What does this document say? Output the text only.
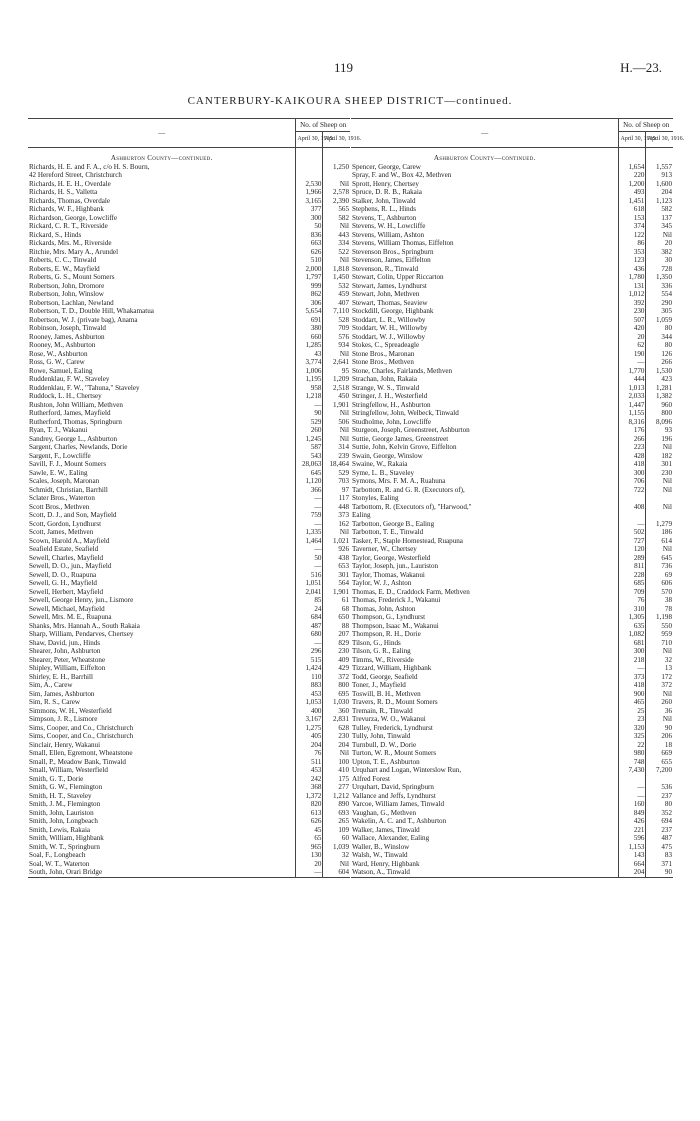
119	H.—23.
CANTERBURY-KAIKOURA SHEEP DISTRICT—continued.
—	No. of Sheep on	
	April 30, 1915.	April 30, 1916.
Ashburton County—continued.		
Richards, H. E. and F. A., c/o H. S. Bourn,		1,250
42 Hereford Street, Christchurch		
Richards, H. E. H., Overdale	2,530	Nil
Richards, H. S., Valletta	1,966	2,578
Richards, Thomas, Overdale	3,165	2,390
Richards, W. F., Highbank	377	565
Richardson, George, Lowcliffe	300	582
Rickard, C. R. T., Riverside	50	Nil
Rickard, S., Hinds	836	443
Rickards, Mrs. M., Riverside	663	334
Ritchie, Mrs. Mary A., Arundel	626	522
Roberts, C. C., Tinwald	510	Nil
Roberts, E. W., Mayfield	2,000	1,818
Roberts, G. S., Mount Somers	1,797	1,450
Robertson, John, Dromore	999	532
Robertson, John, Winslow	862	459
Robertson, Lachlan, Newland	306	407
Robertson, T. D., Double Hill, Whakamatua	5,654	7,110
Robertson, W. J. (private bag), Anama	691	528
Robinson, Joseph, Tinwald	380	709
Rooney, James, Ashburton	660	576
Rooney, M., Ashburton	1,285	934
Rose, W., Ashburton	43	Nil
Ross, G. W., Carew	3,774	2,641
Rowe, Samuel, Ealing	1,006	95
Ruddenklau, F. W., Staveley	1,195	1,209
Ruddenklau, F. W., "Tahuna," Staveley	958	2,518
Ruddock, L. H., Chertsey	1,218	450
Rushton, John William, Methven	—	1,901
Rutherford, James, Mayfield	90	Nil
Rutherford, Thomas, Springburn	529	506
Ryan, T. J., Wakanui	260	Nil
Sandrey, George L., Ashburton	1,245	Nil
Sargent, Charles, Newlands, Dorie	587	314
Sargent, F., Lowcliffe	543	239
Savill, F. J., Mount Somers	28,063	18,464
Sawle, E. W., Ealing	645	529
Scales, Joseph, Maronan	1,120	703
Schmidt, Christian, Barrhill	366	97
Sclater Bros., Waterton	—	117
Scott Bros., Methven	—	448
Scott, D. J., and Son, Mayfield	759	373
Scott, Gordon, Lyndhurst	—	162
Scott, James, Methven	1,335	Nil
Scown, Harold A., Mayfield	1,464	1,021
Seafield Estate, Seafield	—	926
Sewell, Charles, Mayfield	50	438
Sewell, D. O., jun., Mayfield	—	653
Sewell, D. O., Ruapuna	516	301
Sewell, G. H., Mayfield	1,051	564
Sewell, Herbert, Mayfield	2,041	1,901
Sewell, George Henry, jun., Lismore	85	61
Sewell, Michael, Mayfield	24	68
Sewell, Mrs. M. E., Ruapuna	684	650
Shanks, Mrs. Hannah A., South Rakaia	487	88
Sharp, William, Pendarves, Chertsey	680	207
Shaw, David, jun., Hinds	—	829
Shearer, John, Ashburton	296	230
Shearer, Peter, Wheatstone	515	409
Shipley, William, Eiffelton	1,424	429
Shirley, E. H., Barrhill	110	372
Sim, A., Carew	883	800
Sim, James, Ashburton	453	695
Sim, R. S., Carew	1,053	1,030
Simmons, W. H., Westerfield	400	360
Simpson, J. R., Lismore	3,167	2,831
Sims, Cooper, and Co., Christchurch	1,275	628
Sims, Cooper, and Co., Christchurch	405	230
Sinclair, Henry, Wakanui	204	204
Small, Ellen, Egremont, Wheatstone	76	Nil
Small, P., Meadow Bank, Tinwald	511	100
Small, William, Westerfield	453	410
Smith, G. T., Dorie	242	175
Smith, G. W., Flemington	368	277
Smith, H. T., Staveley	1,372	1,212
Smith, J. M., Flemington	820	890
Smith, John, Lauriston	613	693
Smith, John, Longbeach	626	265
Smith, Lewis, Rakaia	45	109
Smith, William, Highbank	65	60
Smith, W. T., Springburn	965	1,039
Soal, F., Longbeach	130	32
Soal, W. T., Waterton	20	Nil
South, John, Orari Bridge	—	604
—	No. of Sheep on	
	April 30, 1915.	April 30, 1916.
Ashburton County—continued.		
Spencer, George, Carew	1,654	1,557
Spray, F. and W., Box 42, Methven	220	913
Sprott, Henry, Chertsey	1,200	1,600
Spruce, D. R. B., Rakaia	493	204
Stalker, John, Tinwald	1,451	1,123
Stephens, R. L., Hinds	618	582
Stevens, T., Ashburton	153	137
Stevens, W. H., Lowcliffe	374	345
Stevens, William, Ashton	122	Nil
Stevens, William Thomas, Eiffelton	86	20
Stevenson Bros., Springburn	353	382
Stevenson, James, Eiffelton	123	30
Stevenson, R., Tinwald	436	728
Stewart, Colin, Upper Riccarton	1,780	1,350
Stewart, James, Lyndhurst	131	336
Stewart, John, Methven	1,012	554
Stewart, Thomas, Seaview	392	290
Stockdill, George, Highbank	230	305
Stoddart, L. R., Willowby	507	1,059
Stoddart, W. H., Willowby	420	80
Stoddart, W. J., Willowby	20	344
Stokes, C., Spreadeagle	62	80
Stone Bros., Maronan	190	126
Stone Bros., Methven	—	266
Stone, Charles, Fairlands, Methven	1,770	1,530
Strachan, John, Rakaia	444	423
Strange, W. S., Tinwald	1,013	1,281
Stringer, J. H., Westerfield	2,033	1,382
Stringfellow, H., Ashburton	1,447	960
Stringfellow, John, Welbeck, Tinwald	1,155	800
Studholme, John, Lowcliffe	8,316	8,096
Sturgeon, Joseph, Greenstreet, Ashburton	176	93
Suttie, George James, Greenstreet	266	196
Suttie, John, Kelvin Grove, Eiffelton	223	Nil
Swain, George, Winslow	428	182
Swaine, W., Rakaia	418	301
Syme, L. B., Staveley	300	230
Symons, Mrs. F. M. A., Ruahuna	706	Nil
Tarbottom, R. and G. R. (Executors of),	722	Nil
Stonyles, Ealing		
Tarbottom, R. (Executors of), "Harwood,"	408	Nil
Ealing		
Tarbotton, George B., Ealing	—	1,279
Tarbotton, T. E., Tinwald	502	186
Tasker, F., Staple Homestead, Ruapuna	727	614
Taverner, W., Chertsey	120	Nil
Taylor, George, Westerfield	289	645
Taylor, Joseph, jun., Lauriston	811	736
Taylor, Thomas, Wakanui	228	69
Taylor, W. J., Ashton	685	606
Thomas, E. D., Craddock Farm, Methven	709	570
Thomas, Frederick J., Wakanui	76	38
Thomas, John, Ashton	310	78
Thompson, G., Lyndhurst	1,305	1,198
Thompson, Isaac M., Wakanui	635	550
Thompson, R. H., Dorie	1,082	959
Tilson, G., Hinds	681	710
Tilson, G. R., Ealing	300	Nil
Timms, W., Riverside	218	32
Tizzard, William, Highbank	—	13
Todd, George, Seafield	373	172
Toner, J., Mayfield	418	372
Toswill, B. H., Methven	900	Nil
Travers, R. D., Mount Somers	465	260
Tremain, R., Tinwald	25	36
Trevurza, W. O., Wakanui	23	Nil
Tulley, Frederick, Lyndhurst	320	90
Tully, John, Tinwald	325	206
Turnbull, D. W., Dorie	22	18
Turton, W. R., Mount Somers	980	669
Upton, T. E., Ashburton	748	655
Urquhart and Logan, Winterslow Run,	7,430	7,200
Alfred Forest		
Urquhart, David, Springburn	—	536
Vallance and Jeffs, Lyndhurst	—	237
Varcoe, William James, Tinwald	160	80
Vaughan, G., Methven	849	352
Wakelin, A. C. and T., Ashburton	426	694
Walker, James, Tinwald	221	237
Wallace, Alexander, Ealing	596	487
Waller, B., Winslow	1,153	475
Walsh, W., Tinwald	143	83
Ward, Henry, Highbank	664	371
Watson, A., Tinwald	204	90
